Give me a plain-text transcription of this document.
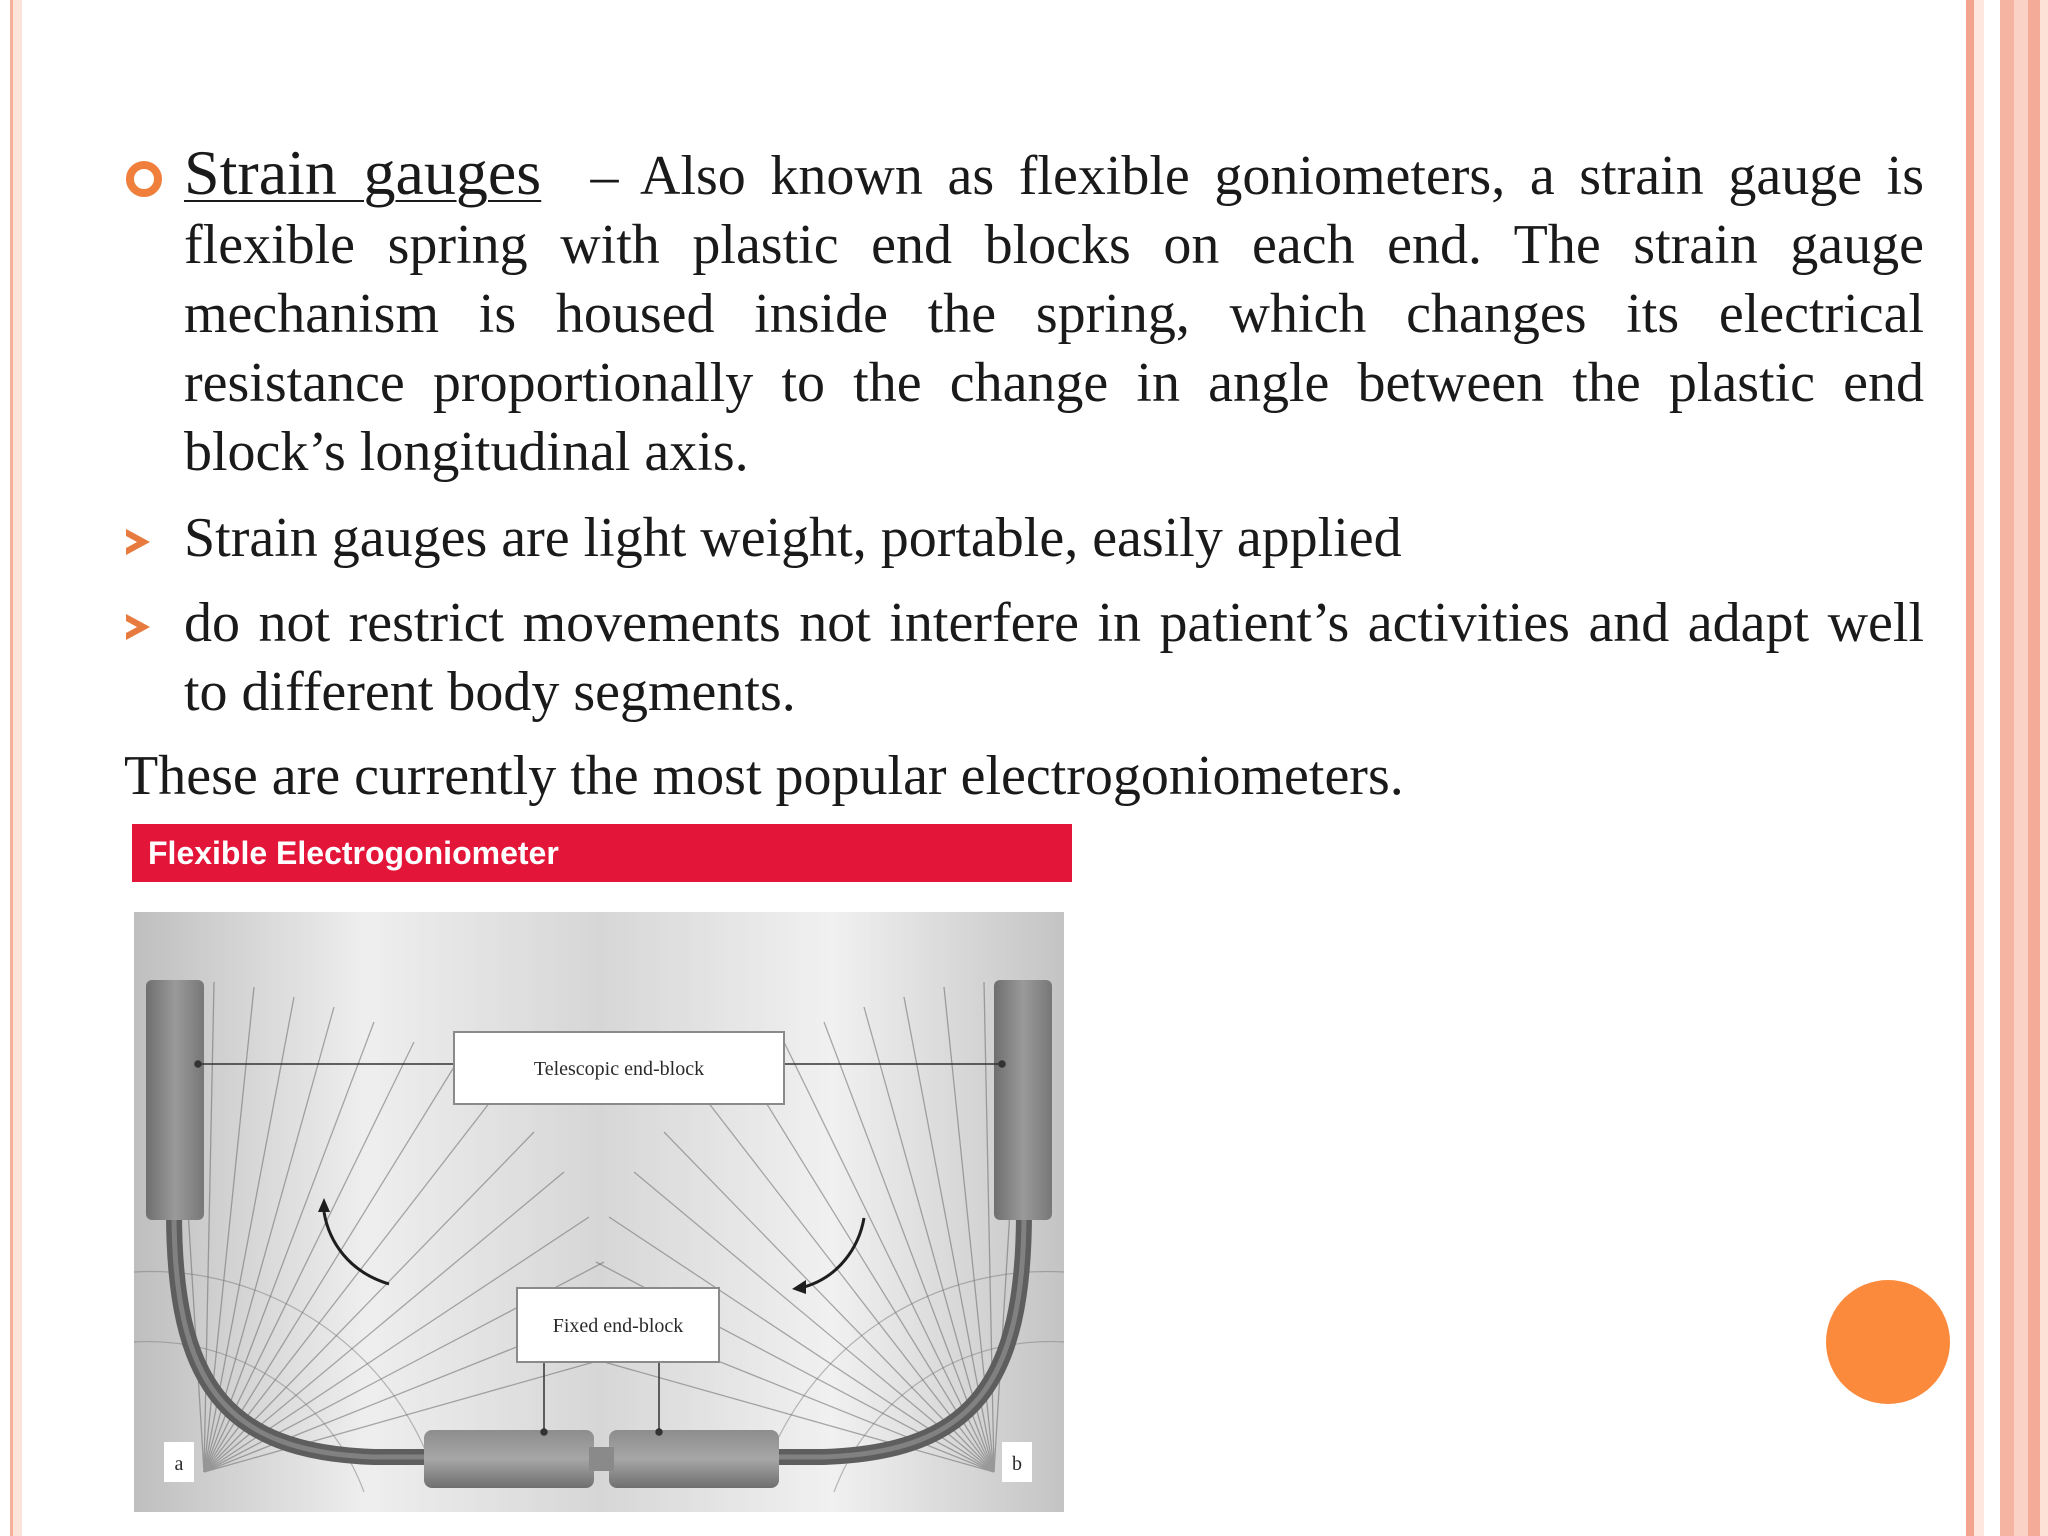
Strain gauges – Also known as flexible goniometers, a strain gauge is flexible spring with plastic end blocks on each end. The strain gauge mechanism is housed inside the spring, which changes its electrical resistance proportionally to the change in angle between the plastic end block’s longitudinal axis.
Strain gauges are light weight, portable, easily applied
do not restrict movements not interfere in patient’s activities and adapt well to different body segments.
These are currently the most popular electrogoniometers.
Flexible Electrogoniometer
Telescopic end-block
Fixed end-block
a	b
